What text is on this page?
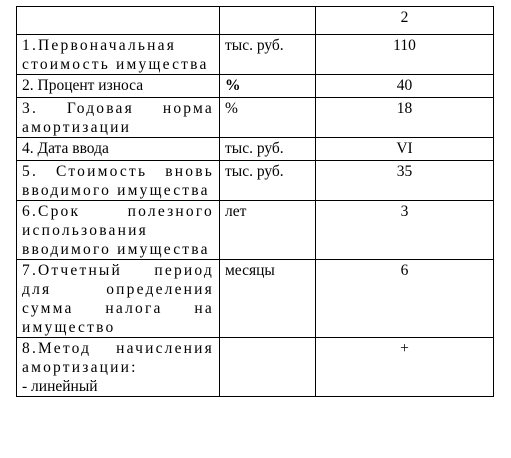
		2
1.Первоначальная стоимость имущества	тыс. руб.	110
2. Процент износа	%	40
3. Годовая норма амортизации	%	18
4. Дата ввода	тыс. руб.	VI
5. Стоимость вновь вводимого имущества	тыс. руб.	35
6.Срок полезного использования вводимого имущества	лет	3
7.Отчетный период для определения сумма налога на имущество	месяцы	6

8.Метод начисления амортизации:
- линейный		+
